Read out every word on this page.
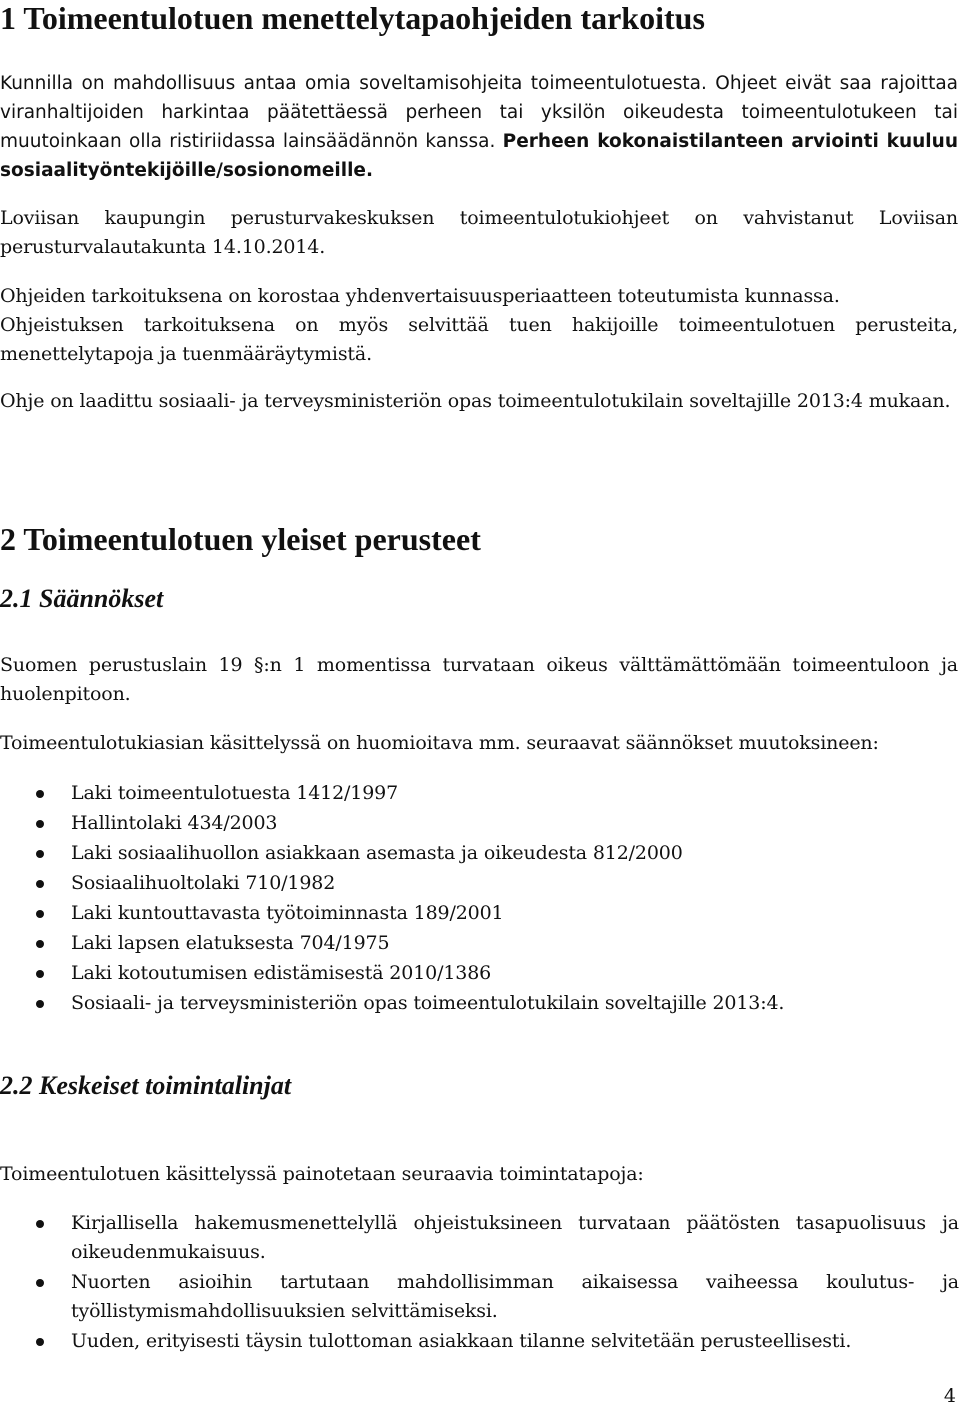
1 Toimeentulotuen menettelytapaohjeiden tarkoitus

Kunnilla on mahdollisuus antaa omia soveltamisohjeita toimeentulotuesta. Ohjeet eivät saa rajoittaa viranhaltijoiden harkintaa päätettäessä perheen tai yksilön oikeudesta toimeentulotukeen tai muutoinkaan olla ristiriidassa lainsäädännön kanssa. Perheen kokonaistilanteen arviointi kuuluu sosiaalityöntekijöille/sosionomeille.

Loviisan kaupungin perusturvakeskuksen toimeentulotukiohjeet on vahvistanut Loviisan perusturvalautakunta 14.10.2014.

Ohjeiden tarkoituksena on korostaa yhdenvertaisuusperiaatteen toteutumista kunnassa.

Ohjeistuksen tarkoituksena on myös selvittää tuen hakijoille toimeentulotuen perusteita, menettelytapoja ja tuenmääräytymistä.

Ohje on laadittu sosiaali- ja terveysministeriön opas toimeentulotukilain soveltajille 2013:4 mukaan.

2 Toimeentulotuen yleiset perusteet
2.1 Säännökset

Suomen perustuslain 19 §:n 1 momentissa turvataan oikeus välttämättömään toimeentuloon ja huolenpitoon.

Toimeentulotukiasian käsittelyssä on huomioitava mm. seuraavat säännökset muutoksineen:

Laki toimeentulotuesta 1412/1997
Hallintolaki 434/2003
Laki sosiaalihuollon asiakkaan asemasta ja oikeudesta 812/2000
Sosiaalihuoltolaki 710/1982
Laki kuntouttavasta työtoiminnasta 189/2001
Laki lapsen elatuksesta 704/1975
Laki kotoutumisen edistämisestä 2010/1386
Sosiaali- ja terveysministeriön opas toimeentulotukilain soveltajille 2013:4.
2.2 Keskeiset toimintalinjat

Toimeentulotuen käsittelyssä painotetaan seuraavia toimintatapoja:

Kirjallisella hakemusmenettelyllä ohjeistuksineen turvataan päätösten tasapuolisuus ja oikeudenmukaisuus.
Nuorten asioihin tartutaan mahdollisimman aikaisessa vaiheessa koulutus- ja työllistymismahdollisuuksien selvittämiseksi.
Uuden, erityisesti täysin tulottoman asiakkaan tilanne selvitetään perusteellisesti.
4
